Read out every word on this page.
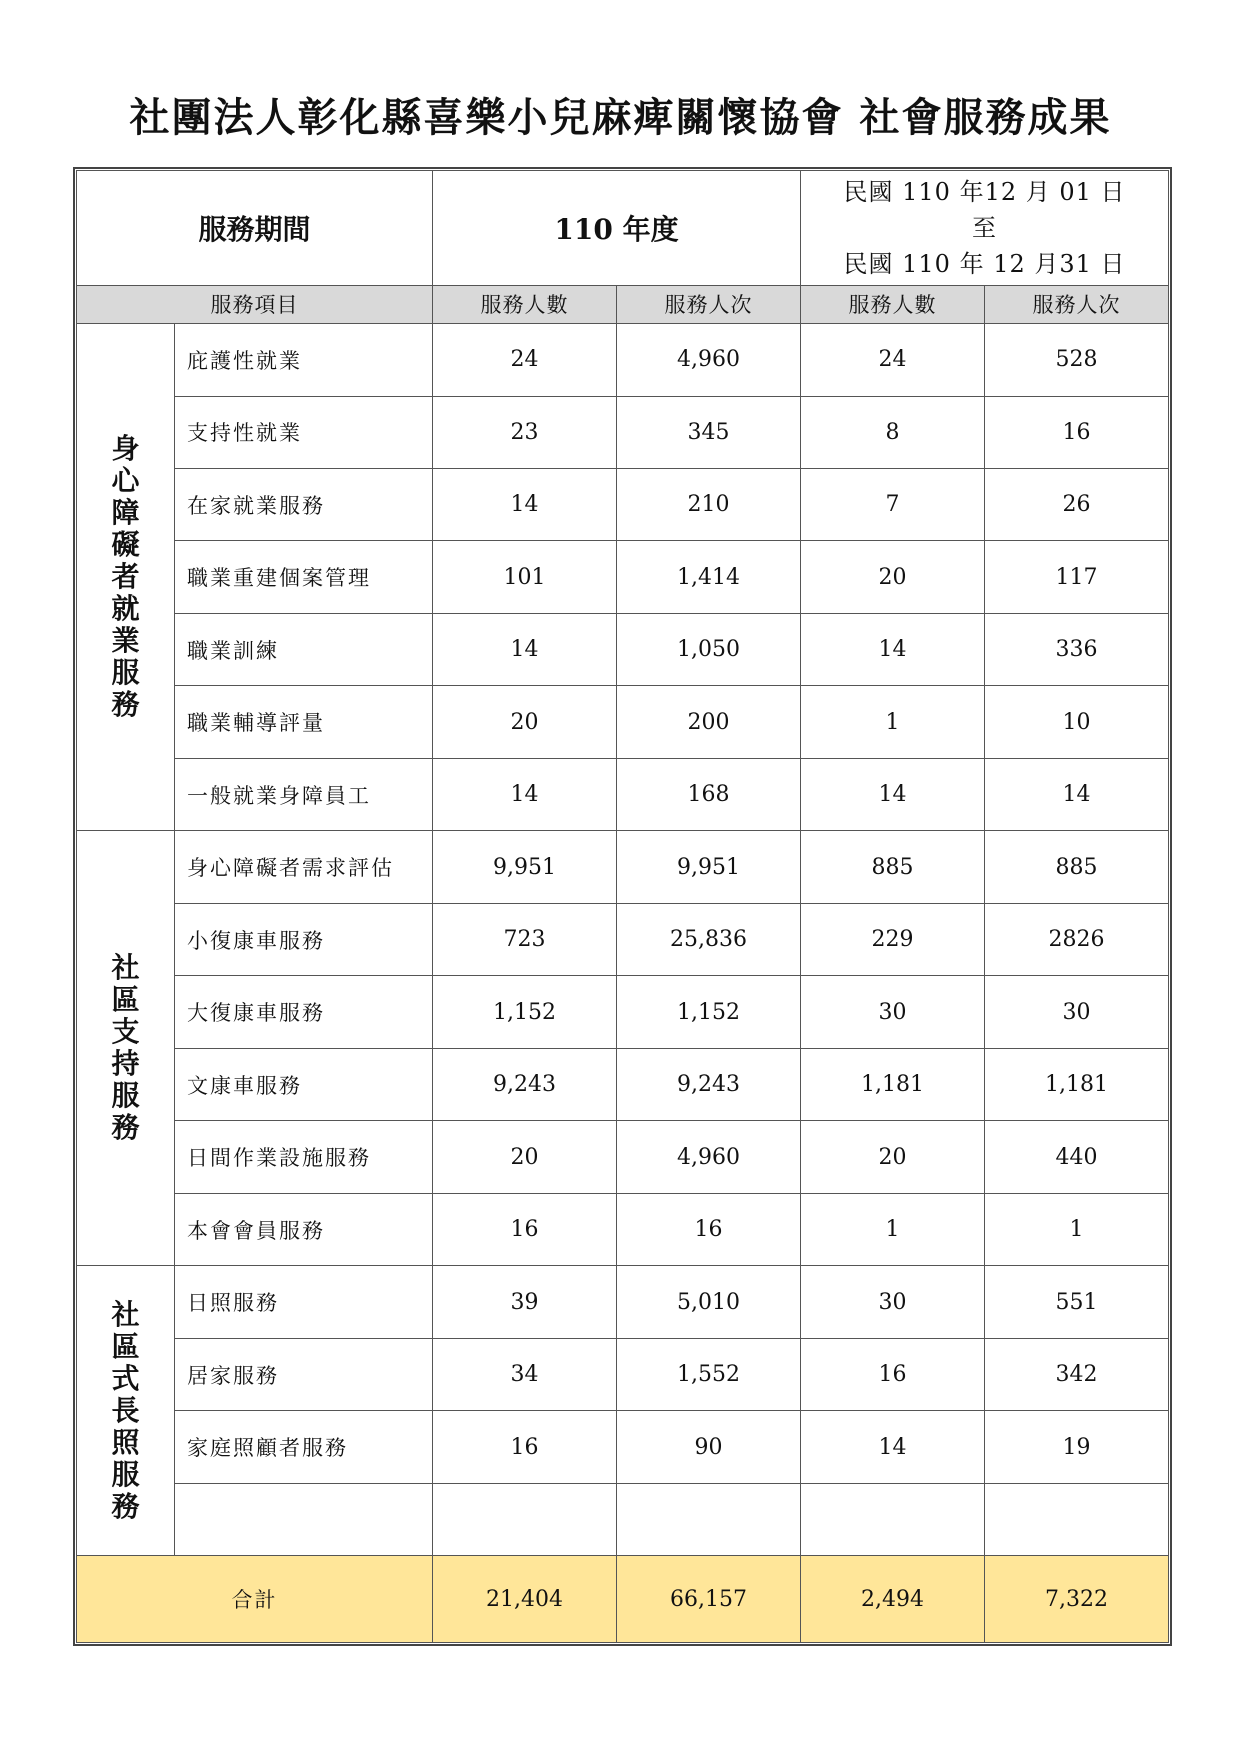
社團法人彰化縣喜樂小兒麻痺關懷協會 社會服務成果
服務期間		110 年度		民國 110 年12 月 01 日
至
民國 110 年 12 月31 日	

服務項目		服務人數	服務人次	服務人數	服務人次

身心障礙者就業服務	庇護性就業	24	4,960	24	528
	支持性就業	23	345	8	16
	在家就業服務	14	210	7	26
	職業重建個案管理	101	1,414	20	117
	職業訓練	14	1,050	14	336
	職業輔導評量	20	200	1	10
	一般就業身障員工	14	168	14	14

社區支持服務	身心障礙者需求評估	9,951	9,951	885	885
	小復康車服務	723	25,836	229	2826
	大復康車服務	1,152	1,152	30	30
	文康車服務	9,243	9,243	1,181	1,181
	日間作業設施服務	20	4,960	20	440
	本會會員服務	16	16	1	1

社區式長照服務	日照服務	39	5,010	30	551
	居家服務	34	1,552	16	342
	家庭照顧者服務	16	90	14	19

合計		21,404	66,157	2,494	7,322
